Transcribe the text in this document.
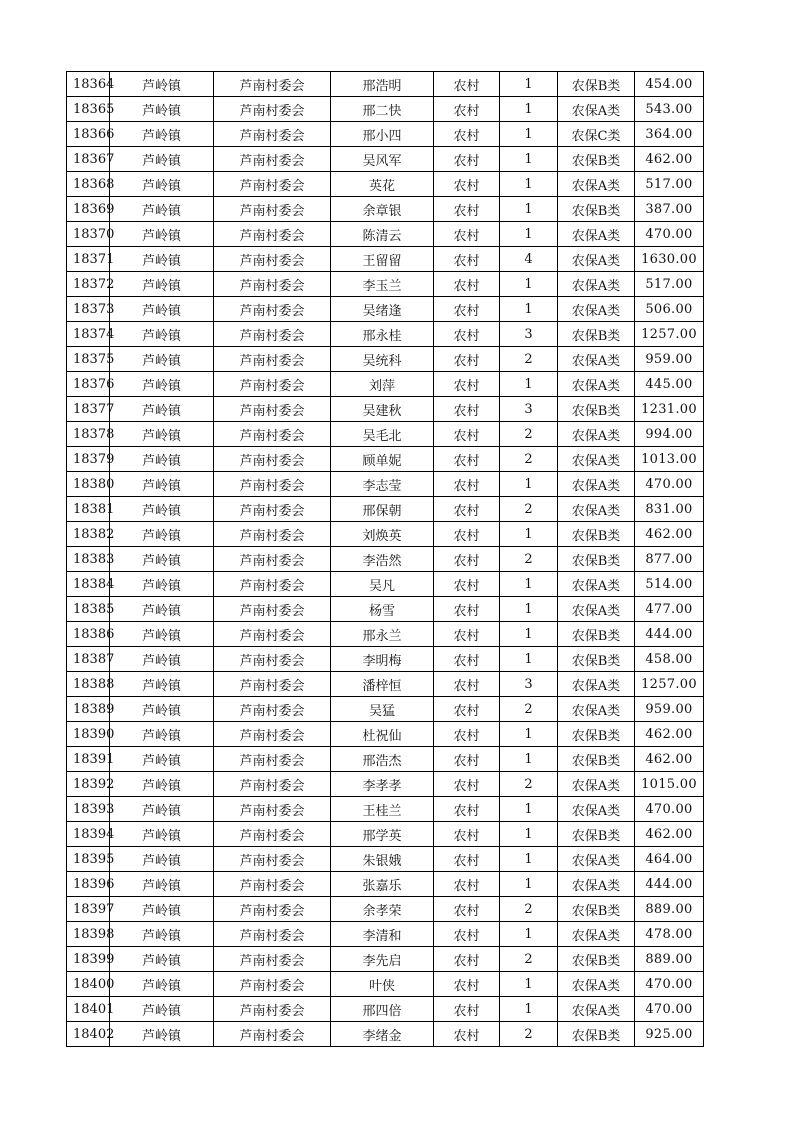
18364	芦岭镇	芦南村委会	邢浩明	农村	1	农保B类	454.00
18365	芦岭镇	芦南村委会	邢二快	农村	1	农保A类	543.00
18366	芦岭镇	芦南村委会	邢小四	农村	1	农保C类	364.00
18367	芦岭镇	芦南村委会	吴风军	农村	1	农保B类	462.00
18368	芦岭镇	芦南村委会	英花	农村	1	农保A类	517.00
18369	芦岭镇	芦南村委会	余章银	农村	1	农保B类	387.00
18370	芦岭镇	芦南村委会	陈清云	农村	1	农保A类	470.00
18371	芦岭镇	芦南村委会	王留留	农村	4	农保A类	1630.00
18372	芦岭镇	芦南村委会	李玉兰	农村	1	农保A类	517.00
18373	芦岭镇	芦南村委会	吴绪逢	农村	1	农保A类	506.00
18374	芦岭镇	芦南村委会	邢永桂	农村	3	农保B类	1257.00
18375	芦岭镇	芦南村委会	吴统科	农村	2	农保A类	959.00
18376	芦岭镇	芦南村委会	刘萍	农村	1	农保A类	445.00
18377	芦岭镇	芦南村委会	吴建秋	农村	3	农保B类	1231.00
18378	芦岭镇	芦南村委会	吴毛北	农村	2	农保A类	994.00
18379	芦岭镇	芦南村委会	顾单妮	农村	2	农保A类	1013.00
18380	芦岭镇	芦南村委会	李志莹	农村	1	农保A类	470.00
18381	芦岭镇	芦南村委会	邢保朝	农村	2	农保A类	831.00
18382	芦岭镇	芦南村委会	刘焕英	农村	1	农保B类	462.00
18383	芦岭镇	芦南村委会	李浩然	农村	2	农保B类	877.00
18384	芦岭镇	芦南村委会	吴凡	农村	1	农保A类	514.00
18385	芦岭镇	芦南村委会	杨雪	农村	1	农保A类	477.00
18386	芦岭镇	芦南村委会	邢永兰	农村	1	农保B类	444.00
18387	芦岭镇	芦南村委会	李明梅	农村	1	农保B类	458.00
18388	芦岭镇	芦南村委会	潘梓恒	农村	3	农保A类	1257.00
18389	芦岭镇	芦南村委会	吴猛	农村	2	农保A类	959.00
18390	芦岭镇	芦南村委会	杜祝仙	农村	1	农保B类	462.00
18391	芦岭镇	芦南村委会	邢浩杰	农村	1	农保B类	462.00
18392	芦岭镇	芦南村委会	李孝孝	农村	2	农保A类	1015.00
18393	芦岭镇	芦南村委会	王桂兰	农村	1	农保A类	470.00
18394	芦岭镇	芦南村委会	邢学英	农村	1	农保B类	462.00
18395	芦岭镇	芦南村委会	朱银娥	农村	1	农保A类	464.00
18396	芦岭镇	芦南村委会	张嘉乐	农村	1	农保A类	444.00
18397	芦岭镇	芦南村委会	余孝荣	农村	2	农保B类	889.00
18398	芦岭镇	芦南村委会	李清和	农村	1	农保A类	478.00
18399	芦岭镇	芦南村委会	李先启	农村	2	农保B类	889.00
18400	芦岭镇	芦南村委会	叶侠	农村	1	农保A类	470.00
18401	芦岭镇	芦南村委会	邢四倍	农村	1	农保A类	470.00
18402	芦岭镇	芦南村委会	李绪金	农村	2	农保B类	925.00
